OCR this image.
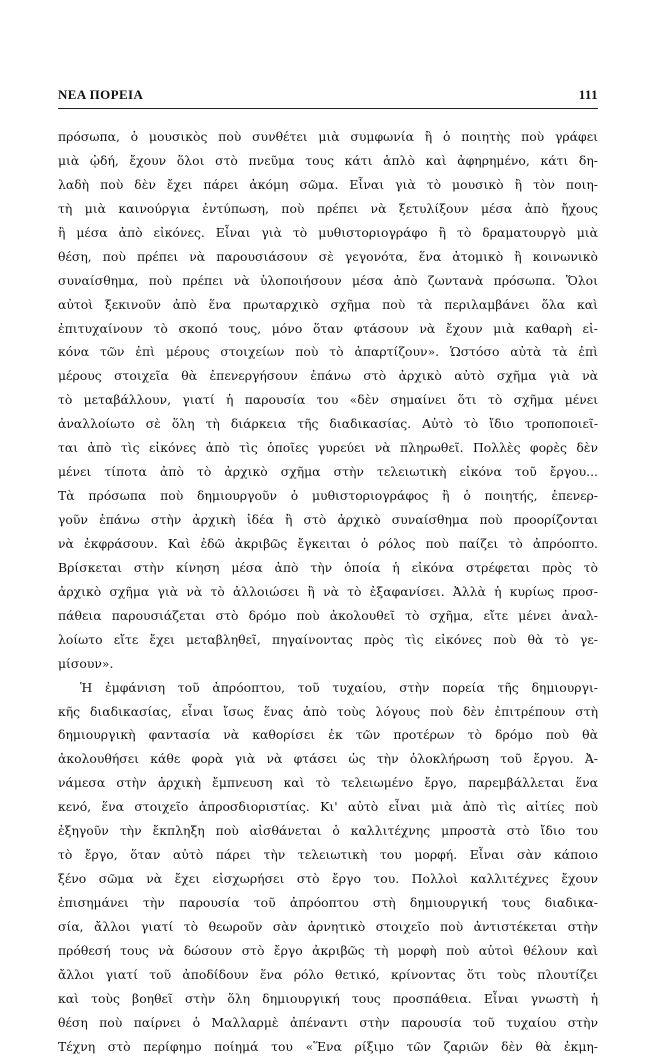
ΝΕΑ ΠΟΡΕΙΑ	111
πρόσωπα, ὁ μουσικὸς ποὺ συνθέτει μιὰ συμφωνία ἢ ὁ ποιητὴς ποὺ γράφει
μιὰ ᾠδή, ἔχουν ὅλοι στὸ πνεῦμα τους κάτι ἁπλὸ καὶ ἀφηρημένο, κάτι δη-
λαδὴ ποὺ δὲν ἔχει πάρει ἀκόμη σῶμα. Εἶναι γιὰ τὸ μουσικὸ ἢ τὸν ποιη-
τὴ μιὰ καινούργια ἐντύπωση, ποὺ πρέπει νὰ ξετυλίξουν μέσα ἀπὸ ἤχους
ἢ μέσα ἀπὸ εἰκόνες. Εἶναι γιὰ τὸ μυθιστοριογράφο ἢ τὸ δραματουργὸ μιὰ
θέση, ποὺ πρέπει νὰ παρουσιάσουν σὲ γεγονότα, ἕνα ἀτομικὸ ἢ κοινωνικὸ
συναίσθημα, ποὺ πρέπει νὰ ὑλοποιήσουν μέσα ἀπὸ ζωντανὰ πρόσωπα. Ὅλοι
αὐτοὶ ξεκινοῦν ἀπὸ ἕνα πρωταρχικὸ σχῆμα ποὺ τὰ περιλαμβάνει ὅλα καὶ
ἐπιτυχαίνουν τὸ σκοπό τους, μόνο ὅταν φτάσουν νὰ ἔχουν μιὰ καθαρὴ εἰ-
κόνα τῶν ἐπὶ μέρους στοιχείων ποὺ τὸ ἀπαρτίζουν». Ὡστόσο αὐτὰ τὰ ἐπὶ
μέρους στοιχεῖα θὰ ἐπενεργήσουν ἐπάνω στὸ ἀρχικὸ αὐτὸ σχῆμα γιὰ νὰ
τὸ μεταβάλλουν, γιατί ἡ παρουσία του «δὲν σημαίνει ὅτι τὸ σχῆμα μένει
ἀναλλοίωτο σὲ ὅλη τὴ διάρκεια τῆς διαδικασίας. Αὐτὸ τὸ ἴδιο τροποποιεῖ-
ται ἀπὸ τὶς εἰκόνες ἀπὸ τὶς ὁποῖες γυρεύει νὰ πληρωθεῖ. Πολλὲς φορὲς δὲν
μένει τίποτα ἀπὸ τὸ ἀρχικὸ σχῆμα στὴν τελειωτικὴ εἰκόνα τοῦ ἔργου...
Τὰ πρόσωπα ποὺ δημιουργοῦν ὁ μυθιστοριογράφος ἢ ὁ ποιητής, ἐπενερ-
γοῦν ἐπάνω στὴν ἀρχικὴ ἰδέα ἢ στὸ ἀρχικὸ συναίσθημα ποὺ προορίζονται
νὰ ἐκφράσουν. Καὶ ἐδῶ ἀκριβῶς ἔγκειται ὁ ρόλος ποὺ παίζει τὸ ἀπρόοπτο.
Βρίσκεται στὴν κίνηση μέσα ἀπὸ τὴν ὁποία ἡ εἰκόνα στρέφεται πρὸς τὸ
ἀρχικὸ σχῆμα γιὰ νὰ τὸ ἀλλοιώσει ἢ νὰ τὸ ἐξαφανίσει. Ἀλλὰ ἡ κυρίως προσ-
πάθεια παρουσιάζεται στὸ δρόμο ποὺ ἀκολουθεῖ τὸ σχῆμα, εἴτε μένει ἀναλ-
λοίωτο εἴτε ἔχει μεταβληθεῖ, πηγαίνοντας πρὸς τὶς εἰκόνες ποὺ θὰ τὸ γε-
μίσουν».
Ἡ ἐμφάνιση τοῦ ἀπρόοπτου, τοῦ τυχαίου, στὴν πορεία τῆς δημιουργι-
κῆς διαδικασίας, εἶναι ἴσως ἕνας ἀπὸ τοὺς λόγους ποὺ δὲν ἐπιτρέπουν στὴ
δημιουργικὴ φαντασία νὰ καθορίσει ἐκ τῶν προτέρων τὸ δρόμο ποὺ θὰ
ἀκολουθήσει κάθε φορὰ γιὰ νὰ φτάσει ὡς τὴν ὁλοκλήρωση τοῦ ἔργου. Ἀ-
νάμεσα στὴν ἀρχικὴ ἔμπνευση καὶ τὸ τελειωμένο ἔργο, παρεμβάλλεται ἕνα
κενό, ἕνα στοιχεῖο ἀπροσδιοριστίας. Κι' αὐτὸ εἶναι μιὰ ἀπὸ τὶς αἰτίες ποὺ
ἐξηγοῦν τὴν ἔκπληξη ποὺ αἰσθάνεται ὁ καλλιτέχνης μπροστὰ στὸ ἴδιο του
τὸ ἔργο, ὅταν αὐτὸ πάρει τὴν τελειωτικὴ του μορφή. Εἶναι σὰν κάποιο
ξένο σῶμα νὰ ἔχει εἰσχωρήσει στὸ ἔργο του. Πολλοὶ καλλιτέχνες ἔχουν
ἐπισημάνει τὴν παρουσία τοῦ ἀπρόοπτου στὴ δημιουργική τους διαδικα-
σία, ἄλλοι γιατί τὸ θεωροῦν σὰν ἀρνητικὸ στοιχεῖο ποὺ ἀντιστέκεται στὴν
πρόθεσή τους νὰ δώσουν στὸ ἔργο ἀκριβῶς τὴ μορφὴ ποὺ αὐτοὶ θέλουν καὶ
ἄλλοι γιατί τοῦ ἀποδίδουν ἕνα ρόλο θετικό, κρίνοντας ὅτι τοὺς πλουτίζει
καὶ τοὺς βοηθεῖ στὴν ὅλη δημιουργική τους προσπάθεια. Εἶναι γνωστὴ ἡ
θέση ποὺ παίρνει ὁ Μαλλαρμὲ ἀπέναντι στὴν παρουσία τοῦ τυχαίου στὴν
Τέχνη στὸ περίφημο ποίημά του «Ἕνα ρίξιμο τῶν ζαριῶν δὲν θὰ ἐκμη-
